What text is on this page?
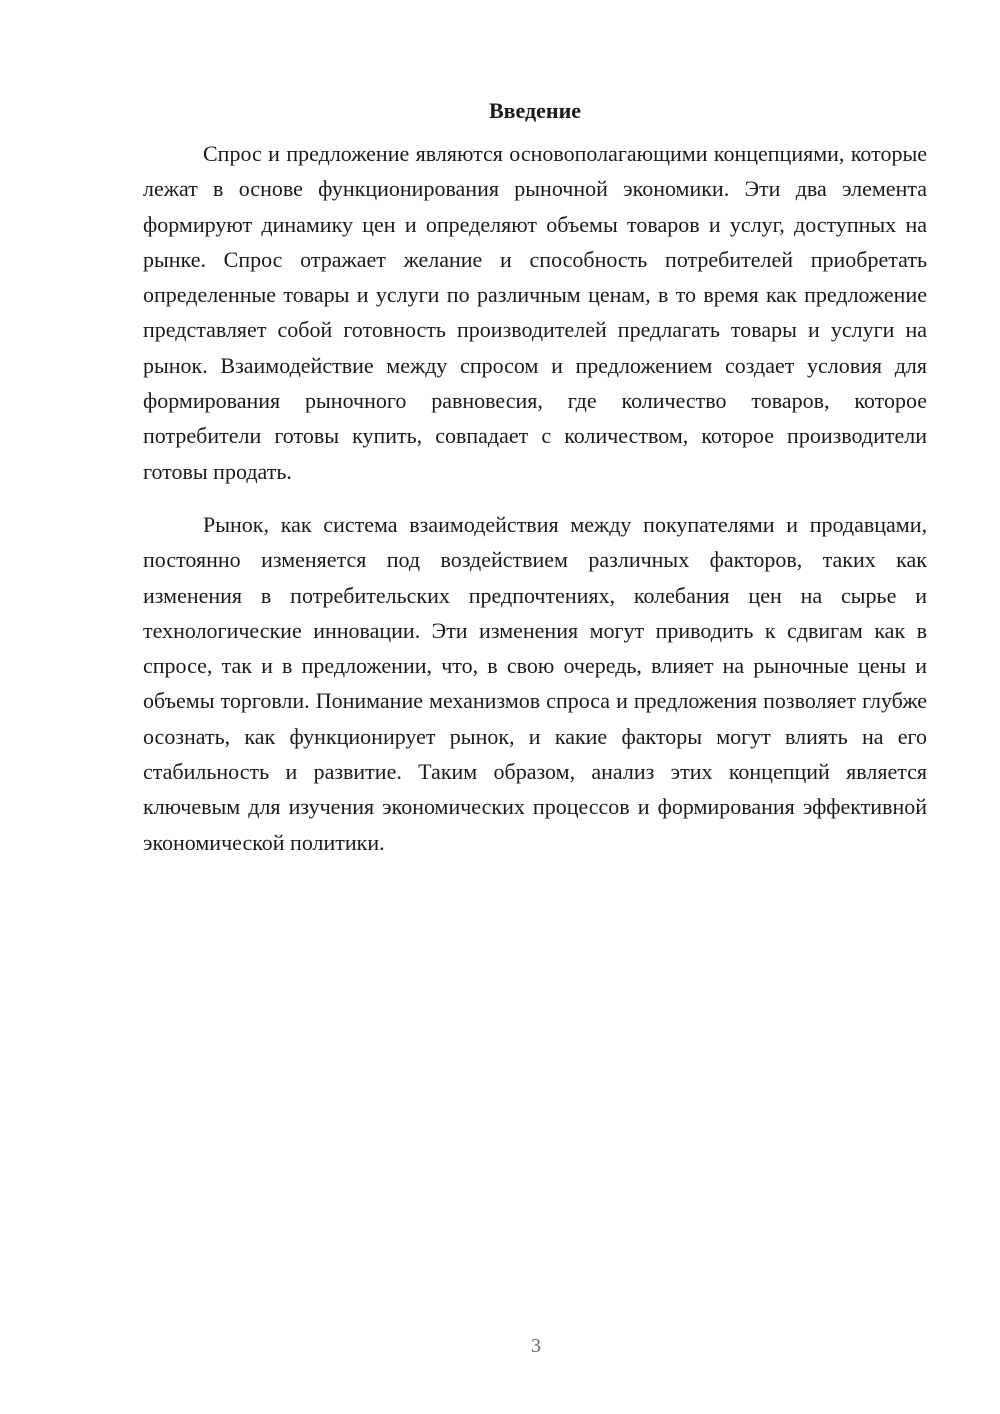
Введение

Спрос и предложение являются основополагающими концепциями, которые лежат в основе функционирования рыночной экономики. Эти два элемента формируют динамику цен и определяют объемы товаров и услуг, доступных на рынке. Спрос отражает желание и способность потребителей приобретать определенные товары и услуги по различным ценам, в то время как предложение представляет собой готовность производителей предлагать товары и услуги на рынок. Взаимодействие между спросом и предложением создает условия для формирования рыночного равновесия, где количество товаров, которое потребители готовы купить, совпадает с количеством, которое производители готовы продать.

Рынок, как система взаимодействия между покупателями и продавцами, постоянно изменяется под воздействием различных факторов, таких как изменения в потребительских предпочтениях, колебания цен на сырье и технологические инновации. Эти изменения могут приводить к сдвигам как в спросе, так и в предложении, что, в свою очередь, влияет на рыночные цены и объемы торговли. Понимание механизмов спроса и предложения позволяет глубже осознать, как функционирует рынок, и какие факторы могут влиять на его стабильность и развитие. Таким образом, анализ этих концепций является ключевым для изучения экономических процессов и формирования эффективной экономической политики.

3
